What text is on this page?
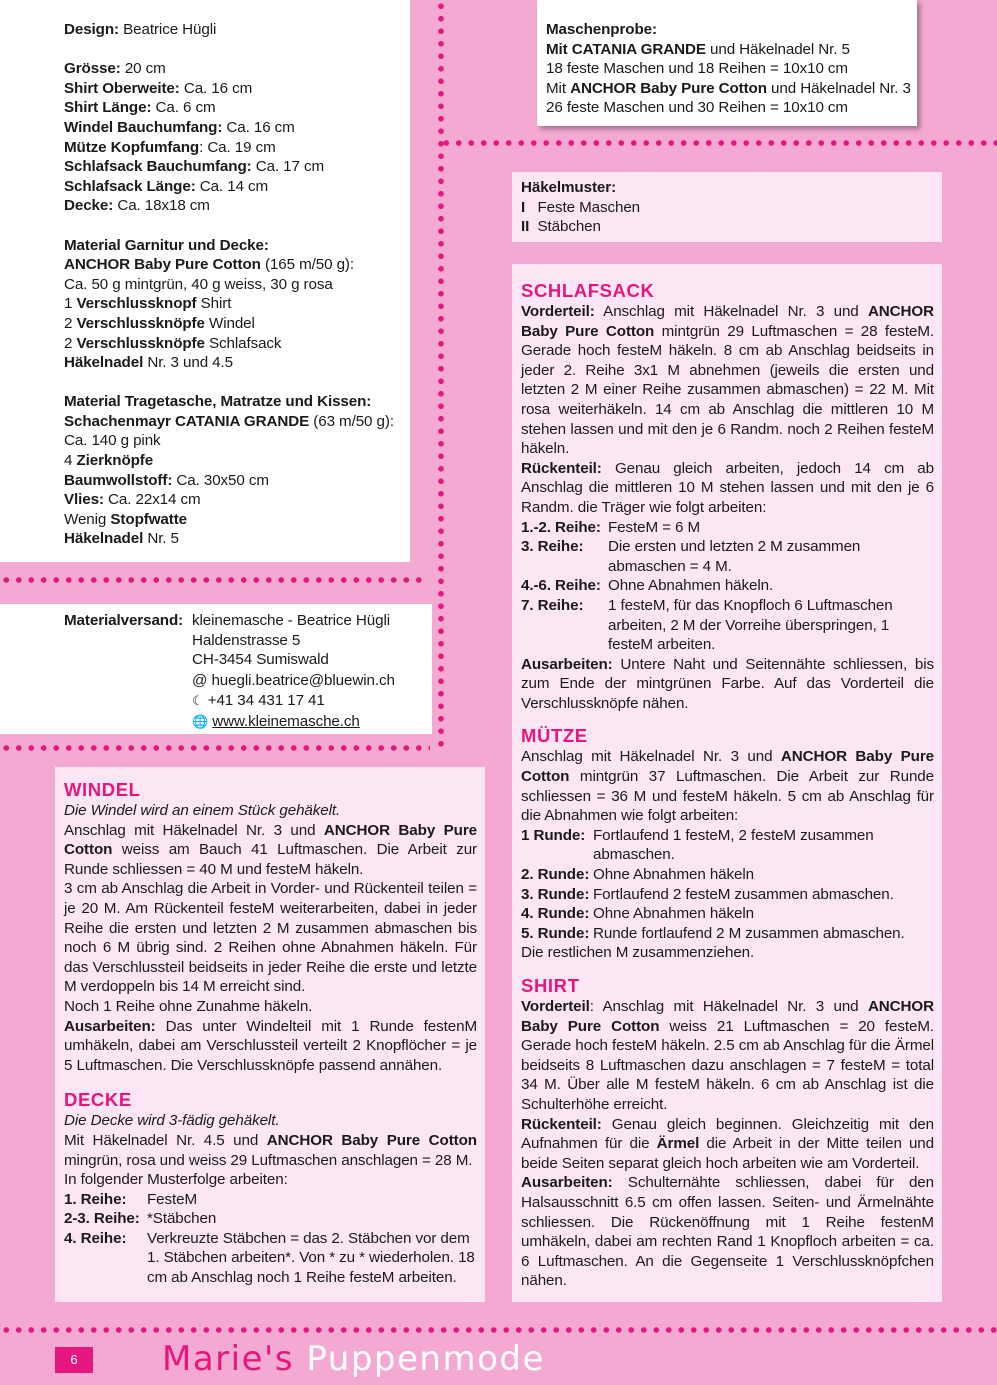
Design: Beatrice Hügli

Grösse: 20 cm

Shirt Oberweite: Ca. 16 cm

Shirt Länge: Ca. 6 cm

Windel Bauchumfang: Ca. 16 cm

Mütze Kopfumfang: Ca. 19 cm

Schlafsack Bauchumfang: Ca. 17 cm

Schlafsack Länge: Ca. 14 cm

Decke: Ca. 18x18 cm

Material Garnitur und Decke:

ANCHOR Baby Pure Cotton (165 m/50 g):

Ca. 50 g mintgrün, 40 g weiss, 30 g rosa

1 Verschlussknopf Shirt

2 Verschlussknöpfe Windel

2 Verschlussknöpfe Schlafsack

Häkelnadel Nr. 3 und 4.5

Material Tragetasche, Matratze und Kissen:

Schachenmayr CATANIA GRANDE (63 m/50 g):

Ca. 140 g pink

4 Zierknöpfe

Baumwollstoff: Ca. 30x50 cm

Vlies: Ca. 22x14 cm

Wenig Stopfwatte

Häkelnadel Nr. 5

Materialversand: kleinemasche - Beatrice Hügli

Haldenstrasse 5

CH-3454 Sumiswald

@ huegli.beatrice@bluewin.ch

☾ +41 34 431 17 41

🌐 www.kleinemasche.ch

Maschenprobe:

Mit CATANIA GRANDE und Häkelnadel Nr. 5

18 feste Maschen und 18 Reihen = 10x10 cm

Mit ANCHOR Baby Pure Cotton und Häkelnadel Nr. 3

26 feste Maschen und 30 Reihen = 10x10 cm

Häkelmuster:

I Feste Maschen

II Stäbchen

SCHLAFSACK

Vorderteil: Anschlag mit Häkelnadel Nr. 3 und ANCHOR Baby Pure Cotton mintgrün 29 Luftmaschen = 28 festeM. Gerade hoch festeM häkeln. 8 cm ab Anschlag beidseits in jeder 2. Reihe 3x1 M abnehmen (jeweils die ersten und letzten 2 M einer Reihe zusammen abmaschen) = 22 M. Mit rosa weiterhäkeln. 14 cm ab Anschlag die mittleren 10 M stehen lassen und mit den je 6 Randm. noch 2 Reihen festeM häkeln.

Rückenteil: Genau gleich arbeiten, jedoch 14 cm ab Anschlag die mittleren 10 M stehen lassen und mit den je 6 Randm. die Träger wie folgt arbeiten:

1.-2. Reihe: FesteM = 6 M
3. Reihe:	Die ersten und letzten 2 M zusammen abmaschen = 4 M.
4.-6. Reihe: Ohne Abnahmen häkeln.
7. Reihe:	1 festeM, für das Knopfloch 6 Luftmaschen arbeiten, 2 M der Vorreihe überspringen, 1 festeM arbeiten.

Ausarbeiten: Untere Naht und Seitennähte schliessen, bis zum Ende der mintgrünen Farbe. Auf das Vorderteil die Verschlussknöpfe nähen.

MÜTZE

Anschlag mit Häkelnadel Nr. 3 und ANCHOR Baby Pure Cotton mintgrün 37 Luftmaschen. Die Arbeit zur Runde schliessen = 36 M und festeM häkeln. 5 cm ab Anschlag für die Abnahmen wie folgt arbeiten:

1 Runde: Fortlaufend 1 festeM, 2 festeM zusammen abmaschen.
2. Runde: Ohne Abnahmen häkeln
3. Runde: Fortlaufend 2 festeM zusammen abmaschen.
4. Runde: Ohne Abnahmen häkeln
5. Runde: Runde fortlaufend 2 M zusammen abmaschen.

Die restlichen M zusammenziehen.

SHIRT

Vorderteil: Anschlag mit Häkelnadel Nr. 3 und ANCHOR Baby Pure Cotton weiss 21 Luftmaschen = 20 festeM. Gerade hoch festeM häkeln. 2.5 cm ab Anschlag für die Ärmel beidseits 8 Luftmaschen dazu anschlagen = 7 festeM = total 34 M. Über alle M festeM häkeln. 6 cm ab Anschlag ist die Schulterhöhe erreicht.

Rückenteil: Genau gleich beginnen. Gleichzeitig mit den Aufnahmen für die Ärmel die Arbeit in der Mitte teilen und beide Seiten separat gleich hoch arbeiten wie am Vorderteil.

Ausarbeiten: Schulternähte schliessen, dabei für den Halsausschnitt 6.5 cm offen lassen. Seiten- und Ärmelnähte schliessen. Die Rückenöffnung mit 1 Reihe festenM umhäkeln, dabei am rechten Rand 1 Knopfloch arbeiten = ca. 6 Luftmaschen. An die Gegenseite 1 Verschlussknöpfchen nähen.

WINDEL

Die Windel wird an einem Stück gehäkelt.

Anschlag mit Häkelnadel Nr. 3 und ANCHOR Baby Pure Cotton weiss am Bauch 41 Luftmaschen. Die Arbeit zur Runde schliessen = 40 M und festeM häkeln.

3 cm ab Anschlag die Arbeit in Vorder- und Rückenteil teilen = je 20 M. Am Rückenteil festeM weiterarbeiten, dabei in jeder Reihe die ersten und letzten 2 M zusammen abmaschen bis noch 6 M übrig sind. 2 Reihen ohne Abnahmen häkeln. Für das Verschlussteil beidseits in jeder Reihe die erste und letzte M verdoppeln bis 14 M erreicht sind.

Noch 1 Reihe ohne Zunahme häkeln.

Ausarbeiten: Das unter Windelteil mit 1 Runde festenM umhäkeln, dabei am Verschlussteil verteilt 2 Knopflöcher = je 5 Luftmaschen. Die Verschlussknöpfe passend annähen.

DECKE

Die Decke wird 3-fädig gehäkelt.

Mit Häkelnadel Nr. 4.5 und ANCHOR Baby Pure Cotton mingrün, rosa und weiss 29 Luftmaschen anschlagen = 28 M.

In folgender Musterfolge arbeiten:

1. Reihe:	FesteM
2-3. Reihe: *Stäbchen
4. Reihe:	Verkreuzte Stäbchen = das 2. Stäbchen vor dem 1. Stäbchen arbeiten*. Von * zu * wiederholen. 18 cm ab Anschlag noch 1 Reihe festeM arbeiten.
6	Marie's Puppenmode
